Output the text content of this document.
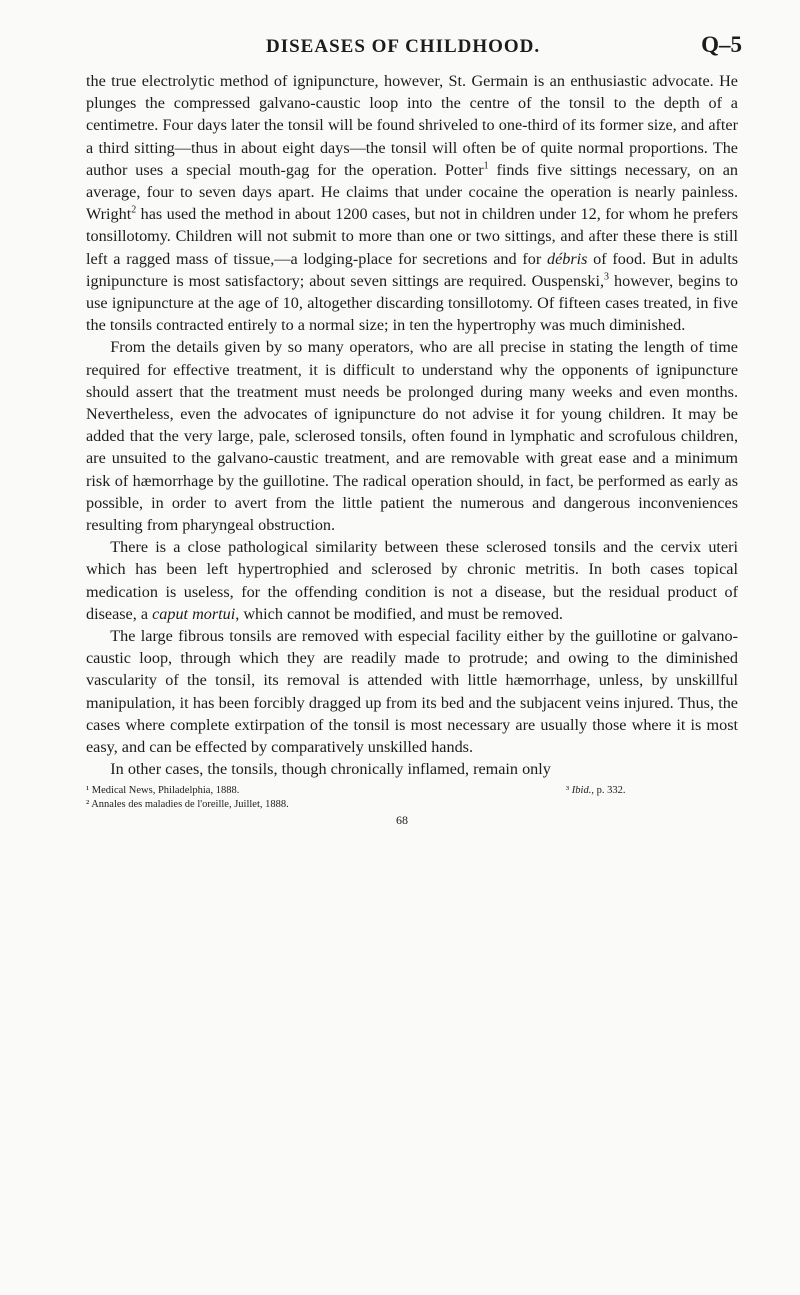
DISEASES OF CHILDHOOD.	Q–5

the true electrolytic method of ignipuncture, however, St. Germain is an enthusiastic advocate. He plunges the compressed galvano-caustic loop into the centre of the tonsil to the depth of a centimetre. Four days later the tonsil will be found shriveled to one-third of its former size, and after a third sitting—thus in about eight days—the tonsil will often be of quite normal proportions. The author uses a special mouth-gag for the operation. Potter$^1$ finds five sittings necessary, on an average, four to seven days apart. He claims that under cocaine the operation is nearly painless. Wright$^2$ has used the method in about 1200 cases, but not in children under 12, for whom he prefers tonsillotomy. Children will not submit to more than one or two sittings, and after these there is still left a ragged mass of tissue,—a lodging-place for secretions and for débris of food. But in adults ignipuncture is most satisfactory; about seven sittings are required. Ouspenski,$^3$ however, begins to use ignipuncture at the age of 10, altogether discarding tonsillotomy. Of fifteen cases treated, in five the tonsils contracted entirely to a normal size; in ten the hypertrophy was much diminished.

From the details given by so many operators, who are all precise in stating the length of time required for effective treatment, it is difficult to understand why the opponents of ignipuncture should assert that the treatment must needs be prolonged during many weeks and even months. Nevertheless, even the advocates of ignipuncture do not advise it for young children. It may be added that the very large, pale, sclerosed tonsils, often found in lymphatic and scrofulous children, are unsuited to the galvano-caustic treatment, and are removable with great ease and a minimum risk of hæmorrhage by the guillotine. The radical operation should, in fact, be performed as early as possible, in order to avert from the little patient the numerous and dangerous inconveniences resulting from pharyngeal obstruction.

There is a close pathological similarity between these sclerosed tonsils and the cervix uteri which has been left hypertrophied and sclerosed by chronic metritis. In both cases topical medication is useless, for the offending condition is not a disease, but the residual product of disease, a caput mortui, which cannot be modified, and must be removed.

The large fibrous tonsils are removed with especial facility either by the guillotine or galvano-caustic loop, through which they are readily made to protrude; and owing to the diminished vascularity of the tonsil, its removal is attended with little hæmorrhage, unless, by unskillful manipulation, it has been forcibly dragged up from its bed and the subjacent veins injured. Thus, the cases where complete extirpation of the tonsil is most necessary are usually those where it is most easy, and can be effected by comparatively unskilled hands.

In other cases, the tonsils, though chronically inflamed, remain only

¹ Medical News, Philadelphia, 1888.	³ Ibid., p. 332.
² Annales des maladies de l'oreille, Juillet, 1888.
68
